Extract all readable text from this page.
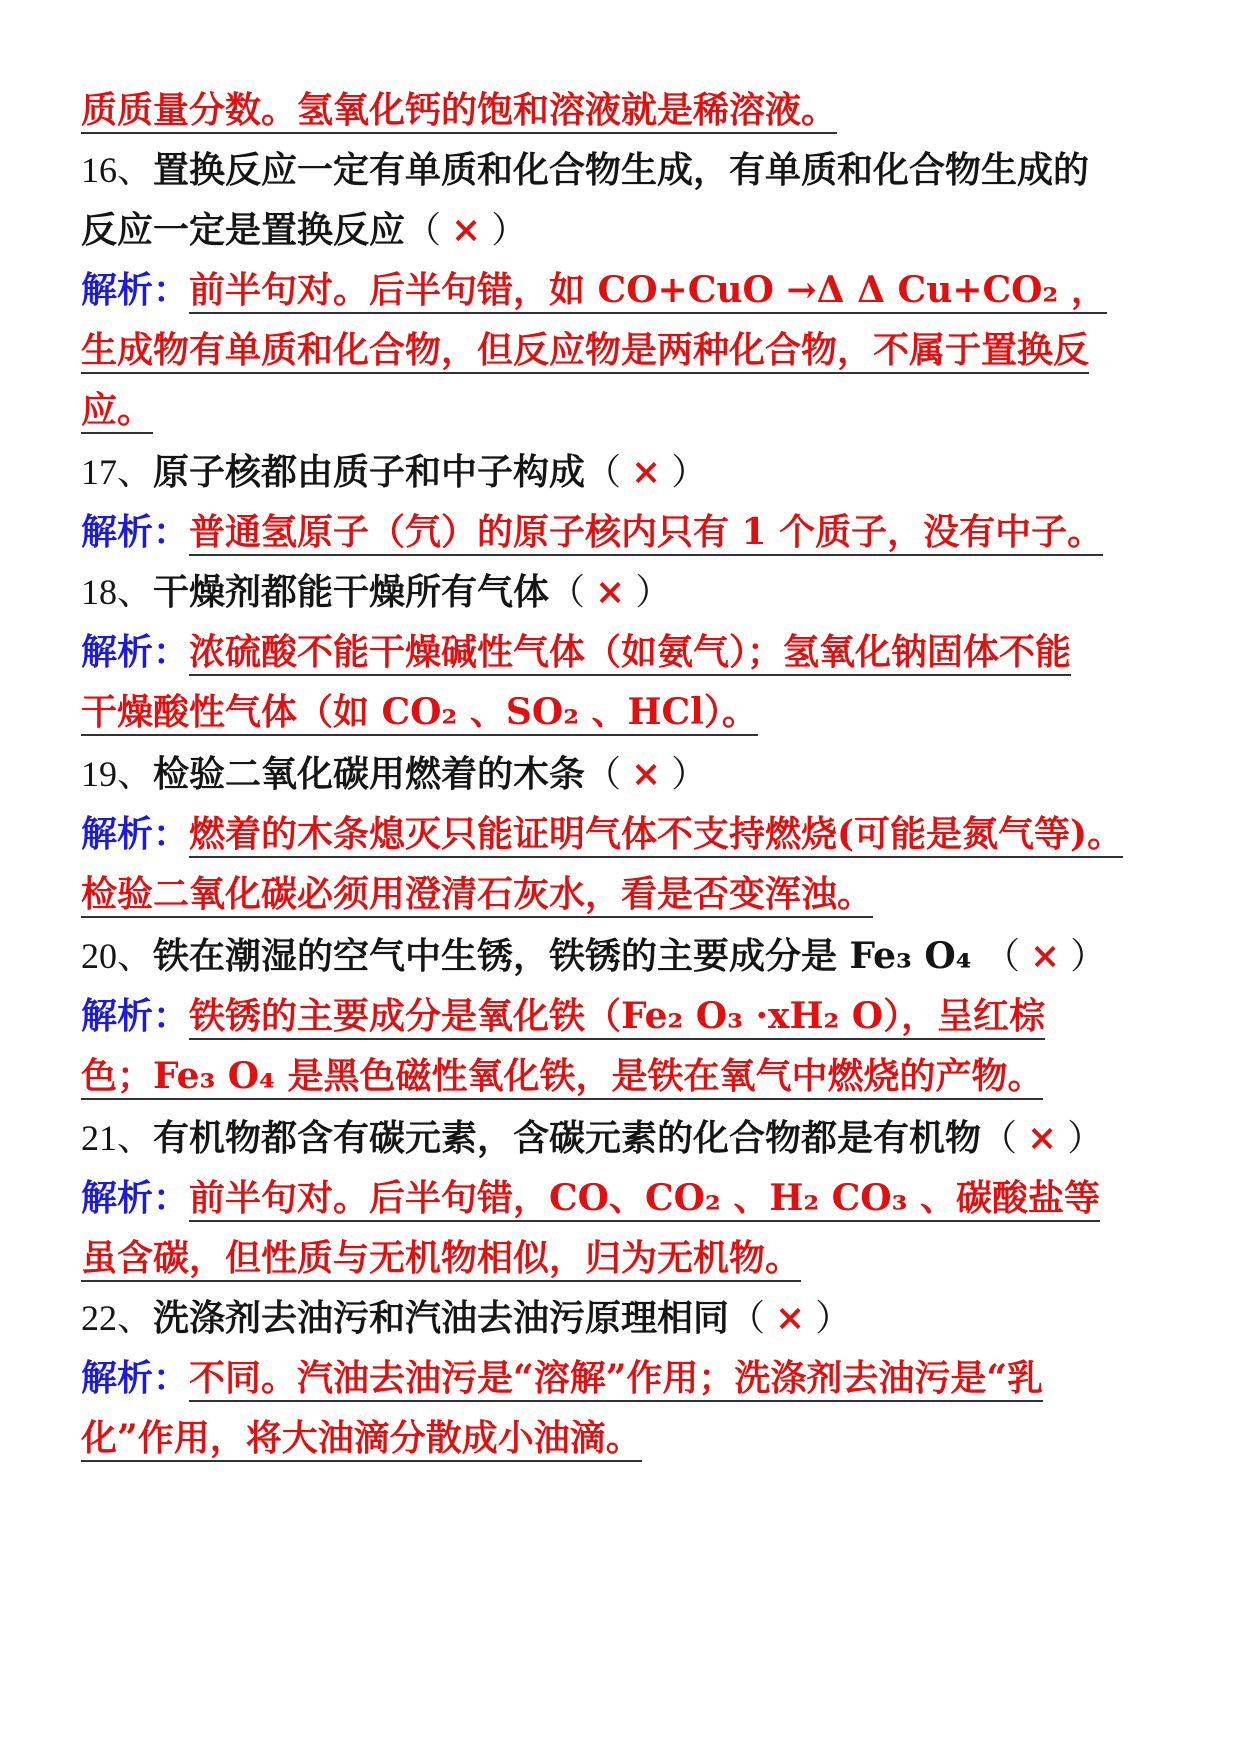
质质量分数。氢氧化钙的饱和溶液就是稀溶液。
16、置换反应一定有单质和化合物生成，有单质和化合物生成的
反应一定是置换反应（ × ）
解析：前半句对。后半句错，如 CO+CuO →Δ Δ Cu+CO₂ ，
生成物有单质和化合物，但反应物是两种化合物，不属于置换反
应。
17、原子核都由质子和中子构成（ × ）
解析：普通氢原子（氕）的原子核内只有 1 个质子，没有中子。
18、干燥剂都能干燥所有气体（ × ）
解析：浓硫酸不能干燥碱性气体（如氨气）；氢氧化钠固体不能
干燥酸性气体（如 CO₂ 、SO₂ 、HCl）。
19、检验二氧化碳用燃着的木条（ × ）
解析：燃着的木条熄灭只能证明气体不支持燃烧(可能是氮气等)。
检验二氧化碳必须用澄清石灰水，看是否变浑浊。
20、铁在潮湿的空气中生锈，铁锈的主要成分是 Fe₃ O₄ （ × ）
解析：铁锈的主要成分是氧化铁（Fe₂ O₃ ·xH₂ O），呈红棕
色；Fe₃ O₄ 是黑色磁性氧化铁，是铁在氧气中燃烧的产物。
21、有机物都含有碳元素，含碳元素的化合物都是有机物（ × ）
解析：前半句对。后半句错，CO、CO₂ 、H₂ CO₃ 、碳酸盐等
虽含碳，但性质与无机物相似，归为无机物。
22、洗涤剂去油污和汽油去油污原理相同（ × ）
解析：不同。汽油去油污是“溶解”作用；洗涤剂去油污是“乳
化”作用，将大油滴分散成小油滴。
